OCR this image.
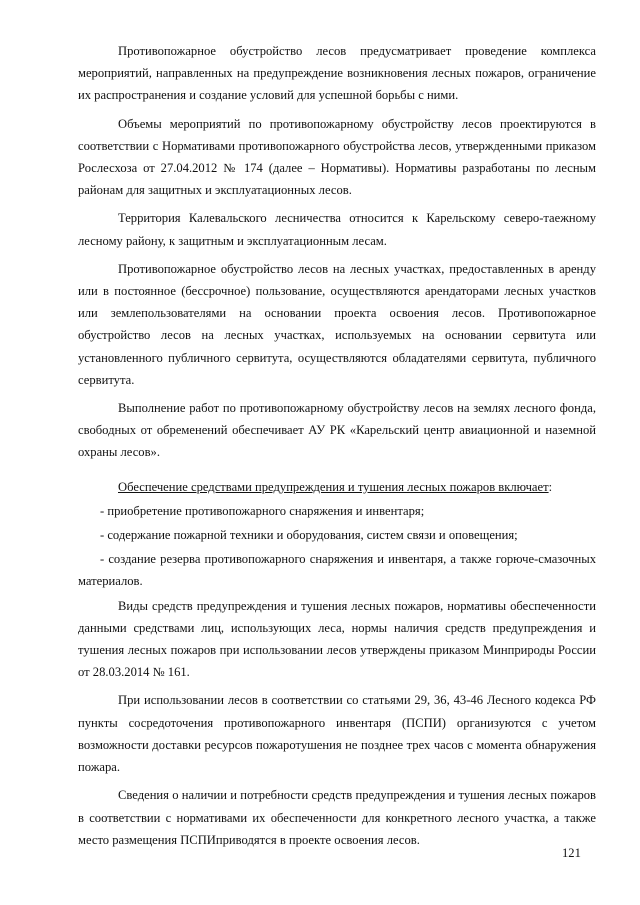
Противопожарное обустройство лесов предусматривает проведение комплекса мероприятий, направленных на предупреждение возникновения лесных пожаров, ограничение их распространения и создание условий для успешной борьбы с ними.

Объемы мероприятий по противопожарному обустройству лесов проектируются в соответствии с Нормативами противопожарного обустройства лесов, утвержденными приказом Рослесхоза от 27.04.2012 № 174 (далее – Нормативы). Нормативы разработаны по лесным районам для защитных и эксплуатационных лесов.

Территория Калевальского лесничества относится к Карельскому северо-таежному лесному району, к защитным и эксплуатационным лесам.

Противопожарное обустройство лесов на лесных участках, предоставленных в аренду или в постоянное (бессрочное) пользование, осуществляются арендаторами лесных участков или землепользователями на основании проекта освоения лесов. Противопожарное обустройство лесов на лесных участках, используемых на основании сервитута или установленного публичного сервитута, осуществляются обладателями сервитута, публичного сервитута.

Выполнение работ по противопожарному обустройству лесов на землях лесного фонда, свободных от обременений обеспечивает АУ РК «Карельский центр авиационной и наземной охраны лесов».

Обеспечение средствами предупреждения и тушения лесных пожаров включает:

- приобретение противопожарного снаряжения и инвентаря;

- содержание пожарной техники и оборудования, систем связи и оповещения;

- создание резерва противопожарного снаряжения и инвентаря, а также горюче-смазочных материалов.

Виды средств предупреждения и тушения лесных пожаров, нормативы обеспеченности данными средствами лиц, использующих леса, нормы наличия средств предупреждения и тушения лесных пожаров при использовании лесов утверждены приказом Минприроды России от 28.03.2014 № 161.

При использовании лесов в соответствии со статьями 29, 36, 43-46 Лесного кодекса РФ пункты сосредоточения противопожарного инвентаря (ПСПИ) организуются с учетом возможности доставки ресурсов пожаротушения не позднее трех часов с момента обнаружения пожара.

Сведения о наличии и потребности средств предупреждения и тушения лесных пожаров в соответствии с нормативами их обеспеченности для конкретного лесного участка, а также место размещения ПСПИприводятся в проекте освоения лесов.

121
